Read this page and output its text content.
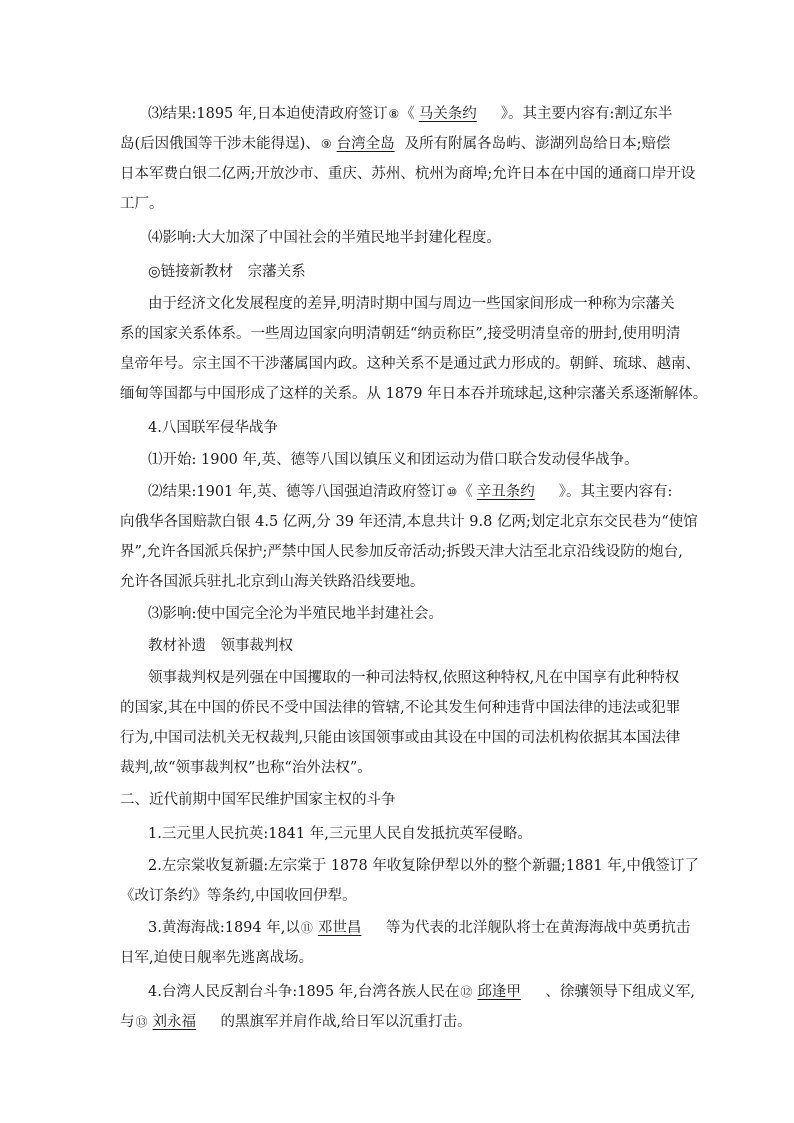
⑶结果:1895 年,日本迫使清政府签订⑧《 马关条约 》。其主要内容有:割辽东半
岛(后因俄国等干涉未能得逞)、⑨ 台湾全岛 及所有附属各岛屿、澎湖列岛给日本;赔偿
日本军费白银二亿两;开放沙市、重庆、苏州、杭州为商埠;允许日本在中国的通商口岸开设
工厂。
⑷影响:大大加深了中国社会的半殖民地半封建化程度。
◎链接新教材　宗藩关系
由于经济文化发展程度的差异,明清时期中国与周边一些国家间形成一种称为宗藩关
系的国家关系体系。一些周边国家向明清朝廷“纳贡称臣”,接受明清皇帝的册封,使用明清
皇帝年号。宗主国不干涉藩属国内政。这种关系不是通过武力形成的。朝鲜、琉球、越南、
缅甸等国都与中国形成了这样的关系。从 1879 年日本吞并琉球起,这种宗藩关系逐渐解体。
4.八国联军侵华战争
⑴开始: 1900 年,英、德等八国以镇压义和团运动为借口联合发动侵华战争。
⑵结果:1901 年,英、德等八国强迫清政府签订⑩《 辛丑条约 》。其主要内容有:
向俄华各国赔款白银 4.5 亿两,分 39 年还清,本息共计 9.8 亿两;划定北京东交民巷为“使馆
界”,允许各国派兵保护;严禁中国人民参加反帝活动;拆毁天津大沽至北京沿线设防的炮台,
允许各国派兵驻扎北京到山海关铁路沿线要地。
⑶影响:使中国完全沦为半殖民地半封建社会。
教材补遗　领事裁判权
领事裁判权是列强在中国攫取的一种司法特权,依照这种特权,凡在中国享有此种特权
的国家,其在中国的侨民不受中国法律的管辖,不论其发生何种违背中国法律的违法或犯罪
行为,中国司法机关无权裁判,只能由该国领事或由其设在中国的司法机构依据其本国法律
裁判,故“领事裁判权”也称“治外法权”。
二、近代前期中国军民维护国家主权的斗争
1.三元里人民抗英:1841 年,三元里人民自发抵抗英军侵略。
2.左宗棠收复新疆:左宗棠于 1878 年收复除伊犁以外的整个新疆;1881 年,中俄签订了
《改订条约》等条约,中国收回伊犁。
3.黄海海战:1894 年,以⑪ 邓世昌 等为代表的北洋舰队将士在黄海海战中英勇抗击
日军,迫使日舰率先逃离战场。
4.台湾人民反割台斗争:1895 年,台湾各族人民在⑫ 邱逢甲 、徐骧领导下组成义军,
与⑬ 刘永福 的黑旗军并肩作战,给日军以沉重打击。
